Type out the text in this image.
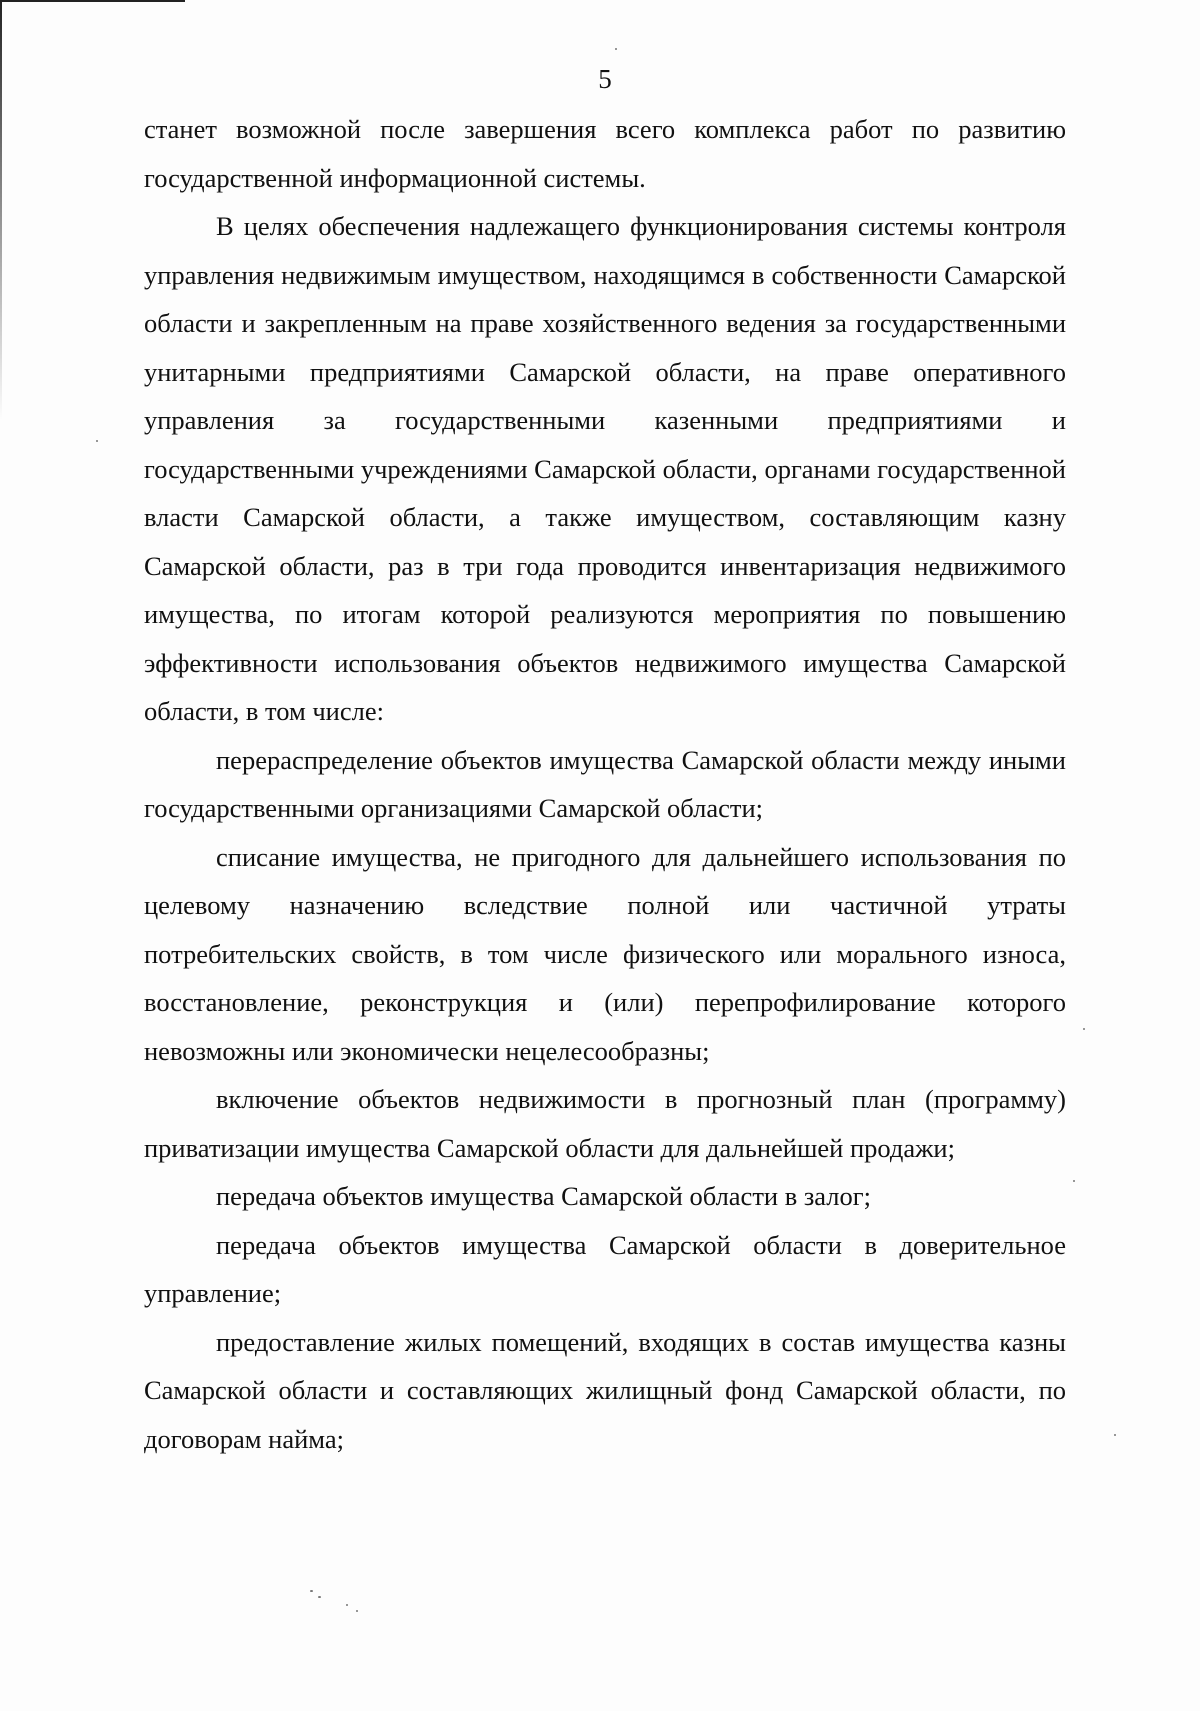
5

станет возможной после завершения всего комплекса работ по развитию государственной информационной системы.

В целях обеспечения надлежащего функционирования системы контроля управления недвижимым имуществом, находящимся в собственности Самарской области и закрепленным на праве хозяйственного ведения за государственными унитарными предприятиями Самарской области, на праве оперативного управления за государственными казенными предприятиями и государственными учреждениями Самарской области, органами государственной власти Самарской области, а также имуществом, составляющим казну Самарской области, раз в три года проводится инвентаризация недвижимого имущества, по итогам которой реализуются мероприятия по повышению эффективности использования объектов недвижимого имущества Самарской области, в том числе:

перераспределение объектов имущества Самарской области между иными государственными организациями Самарской области;

списание имущества, не пригодного для дальнейшего использования по целевому назначению вследствие полной или частичной утраты потребительских свойств, в том числе физического или морального износа, восстановление, реконструкция и (или) перепрофилирование которого невозможны или экономически нецелесообразны;

включение объектов недвижимости в прогнозный план (программу) приватизации имущества Самарской области для дальнейшей продажи;

передача объектов имущества Самарской области в залог;

передача объектов имущества Самарской области в доверительное управление;

предоставление жилых помещений, входящих в состав имущества казны Самарской области и составляющих жилищный фонд Самарской области, по договорам найма;
